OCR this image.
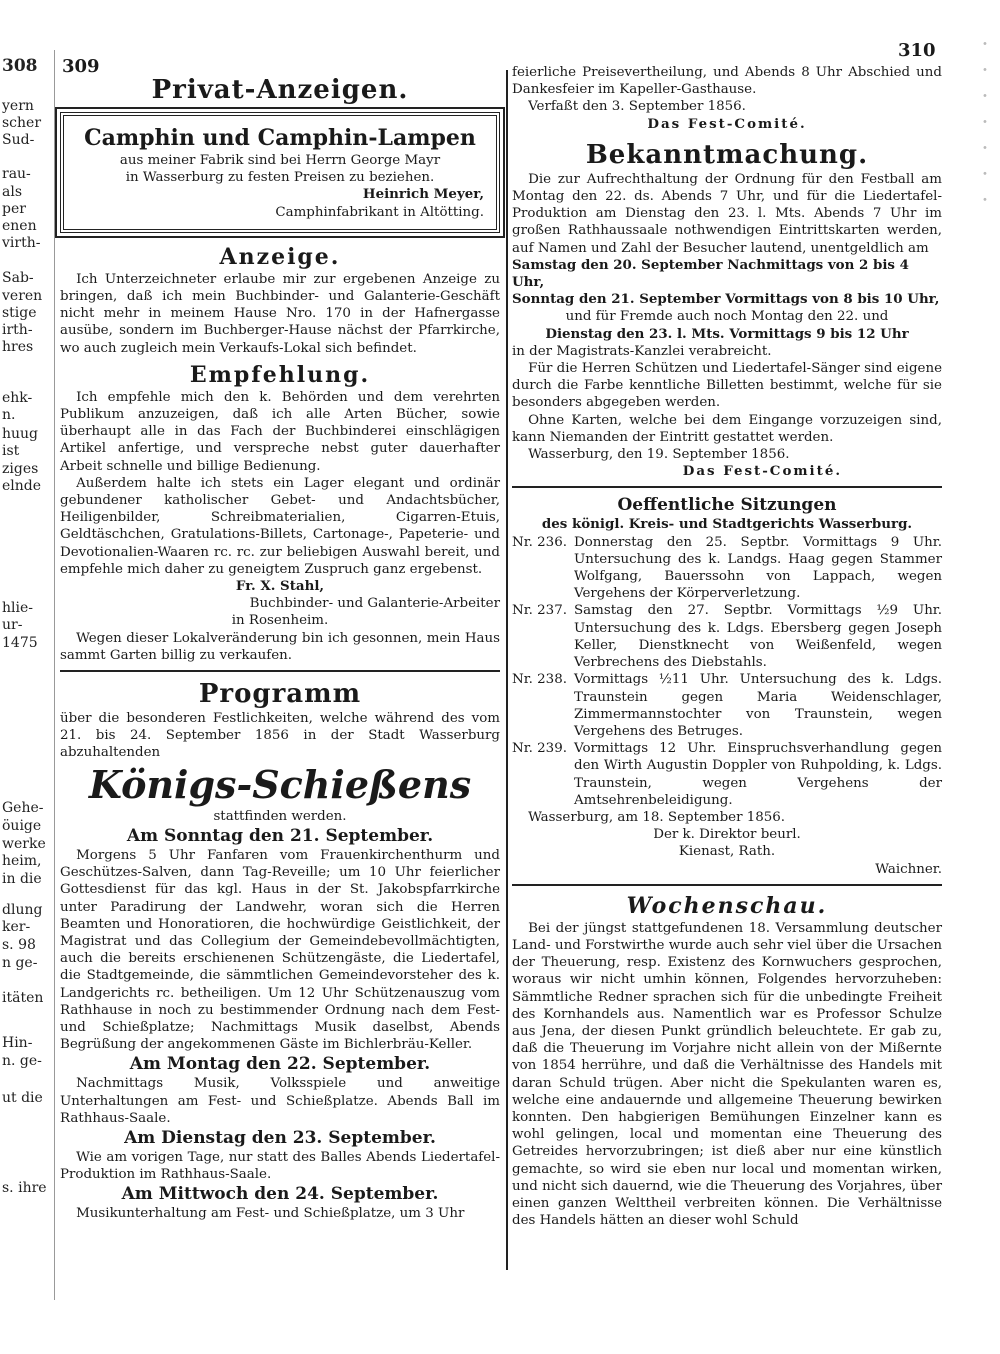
308
yern
scher
Sud-
rau-
als
per
enen
virth-
Sab-
veren
stige
irth-
hres
ehk-
n.
huug
ist
ziges
elnde
hlie-
ur-
1475
Gehe-
öuige
werke
heim,
in die
dlung
ker-
s. 98
n ge-
itäten
Hin-
n. ge-
ut die
s. ihre
· · · · · · ·
309
310
Privat-Anzeigen.
Camphin und Camphin-Lampen
aus meiner Fabrik sind bei Herrn George Mayr
in Wasserburg zu festen Preisen zu beziehen.
Heinrich Meyer,
Camphinfabrikant in Altötting.
Anzeige.

Ich Unterzeichneter erlaube mir zur ergebenen Anzeige zu bringen, daß ich mein Buchbinder- und Galanterie-Geschäft nicht mehr in meinem Hause Nro. 170 in der Hafnergasse ausübe, sondern im Buchberger-Hause nächst der Pfarrkirche, wo auch zugleich mein Verkaufs-Lokal sich befindet.

Empfehlung.

Ich empfehle mich den k. Behörden und dem verehrten Publikum anzuzeigen, daß ich alle Arten Bücher, sowie überhaupt alle in das Fach der Buchbinderei einschlägigen Artikel anfertige, und verspreche nebst guter dauerhafter Arbeit schnelle und billige Bedienung.

Außerdem halte ich stets ein Lager elegant und ordinär gebundener katholischer Gebet- und Andachtsbücher, Heiligenbilder, Schreibmaterialien, Cigarren-Etuis, Geldtäschchen, Gratulations-Billets, Cartonage-, Papeterie- und Devotionalien-Waaren rc. rc. zur beliebigen Auswahl bereit, und empfehle mich daher zu geneigtem Zuspruch ganz ergebenst.

Fr. X. Stahl,
Buchbinder- und Galanterie-Arbeiter
in Rosenheim.

Wegen dieser Lokalveränderung bin ich gesonnen, mein Haus sammt Garten billig zu verkaufen.

Programm

über die besonderen Festlichkeiten, welche während des vom 21. bis 24. September 1856 in der Stadt Wasserburg abzuhaltenden

Königs-Schießens
stattfinden werden.
Am Sonntag den 21. September.

Morgens 5 Uhr Fanfaren vom Frauenkirchenthurm und Geschützes-Salven, dann Tag-Reveille; um 10 Uhr feierlicher Gottesdienst für das kgl. Haus in der St. Jakobspfarrkirche unter Paradirung der Landwehr, woran sich die Herren Beamten und Honoratioren, die hochwürdige Geistlichkeit, der Magistrat und das Collegium der Gemeindebevollmächtigten, auch die bereits erschienenen Schützengäste, die Liedertafel, die Stadtgemeinde, die sämmtlichen Gemeindevorsteher des k. Landgerichts rc. betheiligen. Um 12 Uhr Schützenauszug vom Rathhause in noch zu bestimmender Ordnung nach dem Fest- und Schießplatze; Nachmittags Musik daselbst, Abends Begrüßung der angekommenen Gäste im Bichlerbräu-Keller.

Am Montag den 22. September.

Nachmittags Musik, Volksspiele und anweitige Unterhaltungen am Fest- und Schießplatze. Abends Ball im Rathhaus-Saale.

Am Dienstag den 23. September.

Wie am vorigen Tage, nur statt des Balles Abends Liedertafel-Produktion im Rathhaus-Saale.

Am Mittwoch den 24. September.

Musikunterhaltung am Fest- und Schießplatze, um 3 Uhr

feierliche Preisevertheilung, und Abends 8 Uhr Abschied und Dankesfeier im Kapeller-Gasthause.

Verfaßt den 3. September 1856.

Das Fest-Comité.
Bekanntmachung.

Die zur Aufrechthaltung der Ordnung für den Festball am Montag den 22. ds. Abends 7 Uhr, und für die Liedertafel-Produktion am Dienstag den 23. l. Mts. Abends 7 Uhr im großen Rathhaussaale nothwendigen Eintrittskarten werden, auf Namen und Zahl der Besucher lautend, unentgeldlich am

Samstag den 20. September Nachmittags von 2 bis 4 Uhr,
Sonntag den 21. September Vormittags von 8 bis 10 Uhr,
und für Fremde auch noch Montag den 22. und
Dienstag den 23. l. Mts. Vormittags 9 bis 12 Uhr
in der Magistrats-Kanzlei verabreicht.

Für die Herren Schützen und Liedertafel-Sänger sind eigene durch die Farbe kenntliche Billetten bestimmt, welche für sie besonders abgegeben werden.

Ohne Karten, welche bei dem Eingange vorzuzeigen sind, kann Niemanden der Eintritt gestattet werden.

Wasserburg, den 19. September 1856.

Das Fest-Comité.
Oeffentliche Sitzungen
des königl. Kreis- und Stadtgerichts Wasserburg.
Nr. 236. Donnerstag den 25. Septbr. Vormittags 9 Uhr. Untersuchung des k. Landgs. Haag gegen Stammer Wolfgang, Bauerssohn von Lappach, wegen Vergehens der Körperverletzung.
Nr. 237. Samstag den 27. Septbr. Vormittags ½9 Uhr. Untersuchung des k. Ldgs. Ebersberg gegen Joseph Keller, Dienstknecht von Weißenfeld, wegen Verbrechens des Diebstahls.
Nr. 238. Vormittags ½11 Uhr. Untersuchung des k. Ldgs. Traunstein gegen Maria Weidenschlager, Zimmermannstochter von Traunstein, wegen Vergehens des Betruges.
Nr. 239. Vormittags 12 Uhr. Einspruchsverhandlung gegen den Wirth Augustin Doppler von Ruhpolding, k. Ldgs. Traunstein, wegen Vergehens der Amtsehrenbeleidigung.

Wasserburg, am 18. September 1856.

Der k. Direktor beurl.
Kienast, Rath.
Waichner.
Wochenschau.

Bei der jüngst stattgefundenen 18. Versammlung deutscher Land- und Forstwirthe wurde auch sehr viel über die Ursachen der Theuerung, resp. Existenz des Kornwuchers gesprochen, woraus wir nicht umhin können, Folgendes hervorzuheben: Sämmtliche Redner sprachen sich für die unbedingte Freiheit des Kornhandels aus. Namentlich war es Professor Schulze aus Jena, der diesen Punkt gründlich beleuchtete. Er gab zu, daß die Theuerung im Vorjahre nicht allein von der Mißernte von 1854 herrühre, und daß die Verhältnisse des Handels mit daran Schuld trügen. Aber nicht die Spekulanten waren es, welche eine andauernde und allgemeine Theuerung bewirken konnten. Den habgierigen Bemühungen Einzelner kann es wohl gelingen, local und momentan eine Theuerung des Getreides hervorzubringen; ist dieß aber nur eine künstlich gemachte, so wird sie eben nur local und momentan wirken, und nicht sich dauernd, wie die Theuerung des Vorjahres, über einen ganzen Welttheil verbreiten können. Die Verhältnisse des Handels hätten an dieser wohl Schuld
